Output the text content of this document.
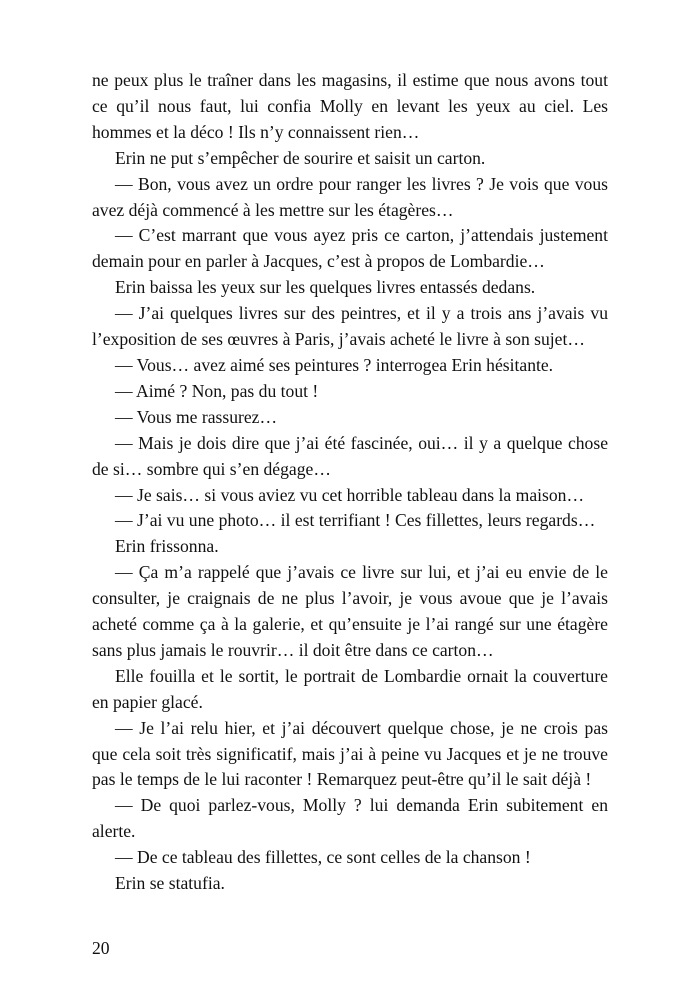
ne peux plus le traîner dans les magasins, il estime que nous avons tout ce qu’il nous faut, lui confia Molly en levant les yeux au ciel. Les hommes et la déco ! Ils n’y connaissent rien…

Erin ne put s’empêcher de sourire et saisit un carton.

— Bon, vous avez un ordre pour ranger les livres ? Je vois que vous avez déjà commencé à les mettre sur les étagères…

— C’est marrant que vous ayez pris ce carton, j’attendais justement demain pour en parler à Jacques, c’est à propos de Lombardie…

Erin baissa les yeux sur les quelques livres entassés dedans.

— J’ai quelques livres sur des peintres, et il y a trois ans j’avais vu l’exposition de ses œuvres à Paris, j’avais acheté le livre à son sujet…

— Vous… avez aimé ses peintures ? interrogea Erin hésitante.

— Aimé ? Non, pas du tout !

— Vous me rassurez…

— Mais je dois dire que j’ai été fascinée, oui… il y a quelque chose de si… sombre qui s’en dégage…

— Je sais… si vous aviez vu cet horrible tableau dans la maison…

— J’ai vu une photo… il est terrifiant ! Ces fillettes, leurs regards…

Erin frissonna.

— Ça m’a rappelé que j’avais ce livre sur lui, et j’ai eu envie de le consulter, je craignais de ne plus l’avoir, je vous avoue que je l’avais acheté comme ça à la galerie, et qu’ensuite je l’ai rangé sur une étagère sans plus jamais le rouvrir… il doit être dans ce carton…

Elle fouilla et le sortit, le portrait de Lombardie ornait la couverture en papier glacé.

— Je l’ai relu hier, et j’ai découvert quelque chose, je ne crois pas que cela soit très significatif, mais j’ai à peine vu Jacques et je ne trouve pas le temps de le lui raconter ! Remarquez peut-être qu’il le sait déjà !

— De quoi parlez-vous, Molly ? lui demanda Erin subitement en alerte.

— De ce tableau des fillettes, ce sont celles de la chanson !

Erin se statufia.

20
